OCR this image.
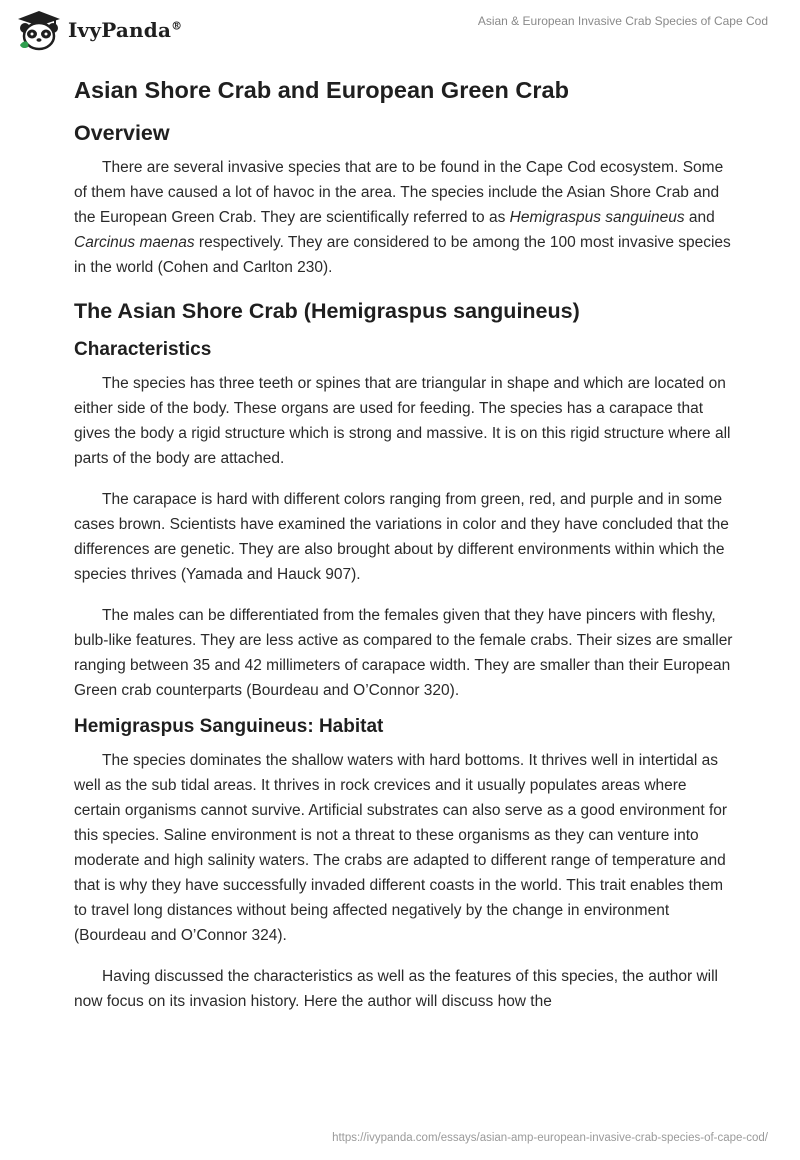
IvyPanda®	Asian & European Invasive Crab Species of Cape Cod
Asian Shore Crab and European Green Crab
Overview

There are several invasive species that are to be found in the Cape Cod ecosystem. Some of them have caused a lot of havoc in the area. The species include the Asian Shore Crab and the European Green Crab. They are scientifically referred to as Hemigraspus sanguineus and Carcinus maenas respectively. They are considered to be among the 100 most invasive species in the world (Cohen and Carlton 230).

The Asian Shore Crab (Hemigraspus sanguineus)
Characteristics

The species has three teeth or spines that are triangular in shape and which are located on either side of the body. These organs are used for feeding. The species has a carapace that gives the body a rigid structure which is strong and massive. It is on this rigid structure where all parts of the body are attached.

The carapace is hard with different colors ranging from green, red, and purple and in some cases brown. Scientists have examined the variations in color and they have concluded that the differences are genetic. They are also brought about by different environments within which the species thrives (Yamada and Hauck 907).

The males can be differentiated from the females given that they have pincers with fleshy, bulb-like features. They are less active as compared to the female crabs. Their sizes are smaller ranging between 35 and 42 millimeters of carapace width. They are smaller than their European Green crab counterparts (Bourdeau and O’Connor 320).

Hemigraspus Sanguineus: Habitat

The species dominates the shallow waters with hard bottoms. It thrives well in intertidal as well as the sub tidal areas. It thrives in rock crevices and it usually populates areas where certain organisms cannot survive. Artificial substrates can also serve as a good environment for this species. Saline environment is not a threat to these organisms as they can venture into moderate and high salinity waters. The crabs are adapted to different range of temperature and that is why they have successfully invaded different coasts in the world. This trait enables them to travel long distances without being affected negatively by the change in environment (Bourdeau and O’Connor 324).

Having discussed the characteristics as well as the features of this species, the author will now focus on its invasion history. Here the author will discuss how the

https://ivypanda.com/essays/asian-amp-european-invasive-crab-species-of-cape-cod/
